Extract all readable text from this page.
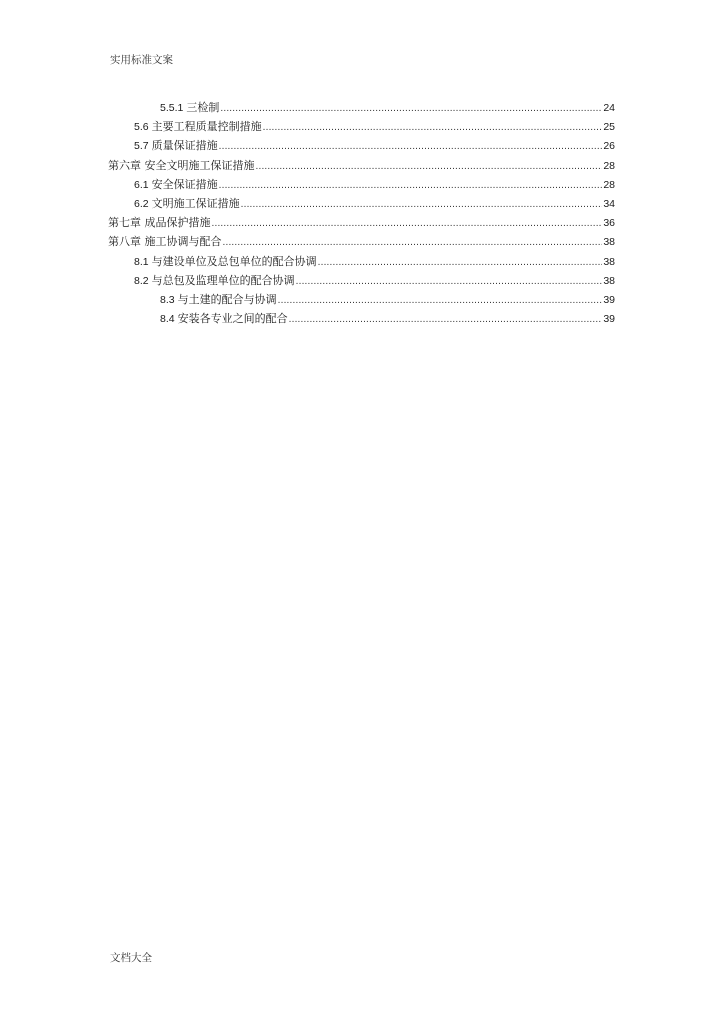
实用标准文案
5.5.1 三检制 .....	24
5.6 主要工程质量控制措施 .....	25
5.7 质量保证措施 .....	26
第六章 安全文明施工保证措施 .....	28
6.1 安全保证措施 .....	28
6.2 文明施工保证措施 .....	34
第七章 成品保护措施 .....	36
第八章 施工协调与配合 .....	38
8.1 与建设单位及总包单位的配合协调 .....	38
8.2 与总包及监理单位的配合协调 .....	38
8.3 与土建的配合与协调 .....	39
8.4 安装各专业之间的配合 .....	39
文档大全
